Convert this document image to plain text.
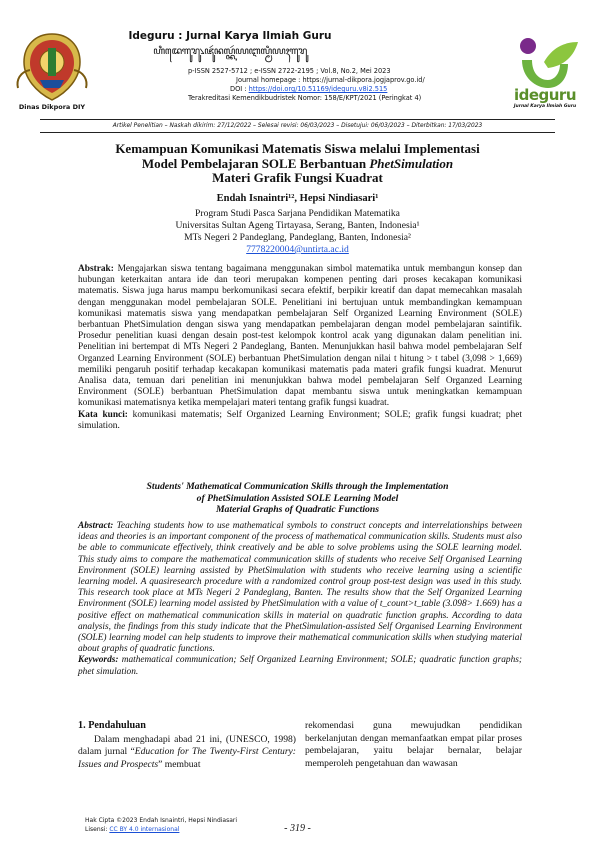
Dinas Dikpora DIY
Ideguru : Jurnal Karya Ilmiah Guru
ꦲꦶꦢꦺꦒꦸꦫꦸ꧈ꦗꦸꦂꦤꦭ꧀ꦏꦂꦪꦆꦭ꧀ꦩꦶꦪꦃꦒꦸꦫꦸ
p-ISSN 2527-5712 ; e-ISSN 2722-2195 ; Vol.8, No.2, Mei 2023
Journal homepage : https://jurnal-dikpora.jogjaprov.go.id/
DOI : https://doi.org/10.51169/ideguru.v8i2.515
Terakreditasi Kemendikbudristek Nomor: 158/E/KPT/2021 (Peringkat 4)	ideguru
Jurnal Karya Ilmiah Guru
Artikel Penelitian – Naskah dikirim: 27/12/2022 – Selesai revisi: 06/03/2023 – Disetujui: 06/03/2023 – Diterbitkan: 17/03/2023
Kemampuan Komunikasi Matematis Siswa melalui Implementasi
Model Pembelajaran SOLE Berbantuan PhetSimulation
Materi Grafik Fungsi Kuadrat
Endah Isnaintri¹², Hepsi Nindiasari¹
Program Studi Pasca Sarjana Pendidikan Matematika
Universitas Sultan Ageng Tirtayasa, Serang, Banten, Indonesia¹
MTs Negeri 2 Pandeglang, Pandeglang, Banten, Indonesia²
7778220004@untirta.ac.id
Abstrak: Mengajarkan siswa tentang bagaimana menggunakan simbol matematika untuk membangun konsep dan hubungan keterkaitan antara ide dan teori merupakan kompenen penting dari proses kecakapan komunikasi matematis. Siswa juga harus mampu berkomunikasi secara efektif, berpikir kreatif dan dapat memecahkan masalah dengan menggunakan model pembelajaran SOLE. Penelitiani ini bertujuan untuk membandingkan kemampuan komunikasi matematis siswa yang mendapatkan pembelajaran Self Organized Learning Environment (SOLE) berbantuan PhetSimulation dengan siswa yang mendapatkan pembelajaran dengan model pembelajaran saintifik. Prosedur penelitian kuasi dengan desain post-test kelompok kontrol acak yang digunakan dalam penelitian ini. Penelitian ini bertempat di MTs Negeri 2 Pandeglang, Banten. Menunjukkan hasil bahwa model pembelajaran Self Organzed Learning Environment (SOLE) berbantuan PhetSimulation dengan nilai t hitung > t tabel (3,098 > 1,669) memiliki pengaruh positif terhadap kecakapan komunikasi matematis pada materi grafik fungsi kuadrat. Menurut Analisa data, temuan dari penelitian ini menunjukkan bahwa model pembelajaran Self Organzed Learning Environment (SOLE) berbantuan PhetSimulation dapat membantu siswa untuk meningkatkan kemampuan komunikasi matematisnya ketika mempelajari materi tentang grafik fungsi kuadrat.
Kata kunci: komunikasi matematis; Self Organized Learning Environment; SOLE; grafik fungsi kuadrat; phet simulation.
Students' Mathematical Communication Skills through the Implementation
of PhetSimulation Assisted SOLE Learning Model
Material Graphs of Quadratic Functions
Abstract: Teaching students how to use mathematical symbols to construct concepts and interrelationships between ideas and theories is an important component of the process of mathematical communication skills. Students must also be able to communicate effectively, think creatively and be able to solve problems using the SOLE learning model. This study aims to compare the mathematical communication skills of students who receive Self Organised Learning Environment (SOLE) learning assisted by PhetSimulation with students who receive learning using a scientific learning model. A quasiresearch procedure with a randomized control group post-test design was used in this study. This research took place at MTs Negeri 2 Pandeglang, Banten. The results show that the Self Organized Learning Environment (SOLE) learning model assisted by PhetSimulation with a value of t_count>t_table (3.098> 1.669) has a positive effect on mathematical communication skills in material on quadratic function graphs. According to data analysis, the findings from this study indicate that the PhetSimulation-assisted Self Organised Learning Environment (SOLE) learning model can help students to improve their mathematical communication skills when studying material about graphs of quadratic functions.
Keywords: mathematical communication; Self Organized Learning Environment; SOLE; quadratic function graphs; phet simulation.
1. Pendahuluan
Dalam menghadapi abad 21 ini, (UNESCO, 1998) dalam jurnal “Education for The Twenty-First Century: Issues and Prospects” membuat
rekomendasi guna mewujudkan pendidikan berkelanjutan dengan memanfaatkan empat pilar proses pembelajaran, yaitu belajar bernalar, belajar memperoleh pengetahuan dan wawasan
Hak Cipta ©2023 Endah Isnaintri, Hepsi Nindiasari
Lisensi: CC BY 4.0 internasional	- 319 -
